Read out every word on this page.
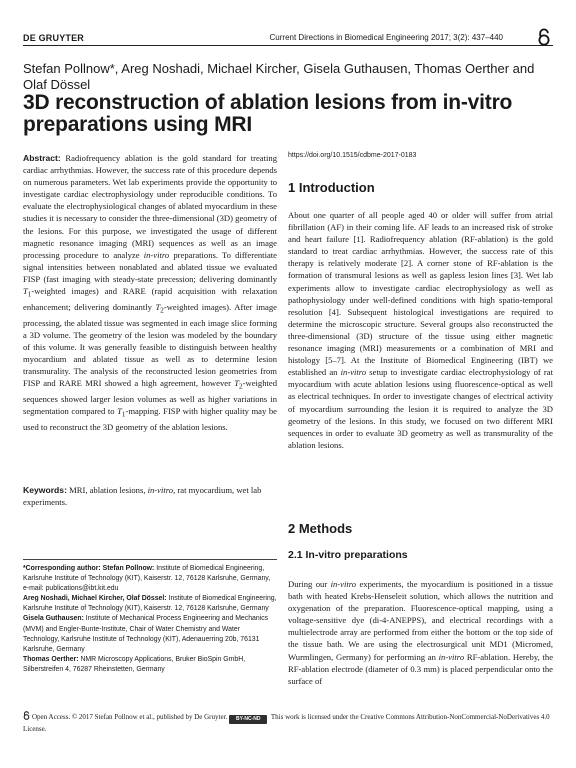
DE GRUYTER	Current Directions in Biomedical Engineering 2017; 3(2): 437–440
Stefan Pollnow*, Areg Noshadi, Michael Kircher, Gisela Guthausen, Thomas Oerther and Olaf Dössel
3D reconstruction of ablation lesions from in-vitro preparations using MRI
Abstract: Radiofrequency ablation is the gold standard for treating cardiac arrhythmias. However, the success rate of this procedure depends on numerous parameters. Wet lab experiments provide the opportunity to investigate cardiac electrophysiology under reproducible conditions. To evaluate the electrophysiological changes of ablated myocardium in these studies it is necessary to consider the three-dimensional (3D) geometry of the lesions. For this purpose, we investigated the usage of different magnetic resonance imaging (MRI) sequences as well as an image processing procedure to analyze in-vitro preparations. To differentiate signal intensities between nonablated and ablated tissue we evaluated FISP (fast imaging with steady-state precession; delivering dominantly $T_1$-weighted images) and RARE (rapid acquisition with relaxation enhancement; delivering dominantly $T_2$-weighted images). After image processing, the ablated tissue was segmented in each image slice forming a 3D volume. The geometry of the lesion was modeled by the boundary of this volume. It was generally feasible to distinguish between healthy myocardium and ablated tissue as well as to determine lesion transmurality. The analysis of the reconstructed lesion geometries from FISP and RARE MRI showed a high agreement, however $T_2$-weighted sequences showed larger lesion volumes as well as higher variations in segmentation compared to $T_1$-mapping. FISP with higher quality may be used to reconstruct the 3D geometry of the ablation lesions.
Keywords: MRI, ablation lesions, in-vitro, rat myocardium, wet lab experiments.
*Corresponding author: Stefan Pollnow: Institute of Biomedical Engineering, Karlsruhe Institute of Technology (KIT), Kaiserstr. 12, 76128 Karlsruhe, Germany, e-mail: publications@ibt.kit.edu
Areg Noshadi, Michael Kircher, Olaf Dössel: Institute of Biomedical Engineering, Karlsruhe Institute of Technology (KIT), Kaiserstr. 12, 76128 Karlsruhe, Germany
Gisela Guthausen: Institute of Mechanical Process Engineering and Mechanics (MVM) and Engler-Bunte-Institute, Chair of Water Chemistry and Water Technology, Karlsruhe Institute of Technology (KIT), Adenauerring 20b, 76131 Karlsruhe, Germany
Thomas Oerther: NMR Microscopy Applications, Bruker BioSpin GmbH, Silberstreifen 4, 76287 Rheinstetten, Germany
https://doi.org/10.1515/cdbme-2017-0183
1 Introduction
About one quarter of all people aged 40 or older will suffer from atrial fibrillation (AF) in their coming life. AF leads to an increased risk of stroke and heart failure [1]. Radiofrequency ablation (RF-ablation) is the gold standard to treat cardiac arrhythmias. However, the success rate of this therapy is relatively moderate [2]. A corner stone of RF-ablation is the formation of transmural lesions as well as gapless lesion lines [3]. Wet lab experiments allow to investigate cardiac electrophysiology as well as pathophysiology under well-defined conditions with high spatio-temporal resolution [4]. Subsequent histological investigations are required to determine the microscopic structure. Several groups also reconstructed the three-dimensional (3D) structure of the tissue using either magnetic resonance imaging (MRI) measurements or a combination of MRI and histology [5–7]. At the Institute of Biomedical Engineering (IBT) we established an in-vitro setup to investigate cardiac electrophysiology of rat myocardium with acute ablation lesions using fluorescence-optical as well as electrical techniques. In order to investigate changes of electrical activity of myocardium surrounding the lesion it is required to analyze the 3D geometry of the lesions. In this study, we focused on two different MRI sequences in order to evaluate 3D geometry as well as transmurality of the ablation lesions.
2 Methods
2.1 In-vitro preparations
During our in-vitro experiments, the myocardium is positioned in a tissue bath with heated Krebs-Henseleit solution, which allows the nutrition and oxygenation of the preparation. Fluorescence-optical mapping, using a voltage-sensitive dye (di-4-ANEPPS), and electrical recordings with a multielectrode array are performed from either the bottom or the top side of the tissue bath. We are using the electrosurgical unit MD1 (Micromed, Wurmlingen, Germany) for performing an in-vitro RF-ablation. Hereby, the RF-ablation electrode (diameter of 0.3 mm) is placed perpendicular onto the surface of
Open Access. © 2017 Stefan Pollnow et al., published by De Gruyter. BY-NC-ND This work is licensed under the Creative Commons Attribution-NonCommercial-NoDerivatives 4.0 License.
